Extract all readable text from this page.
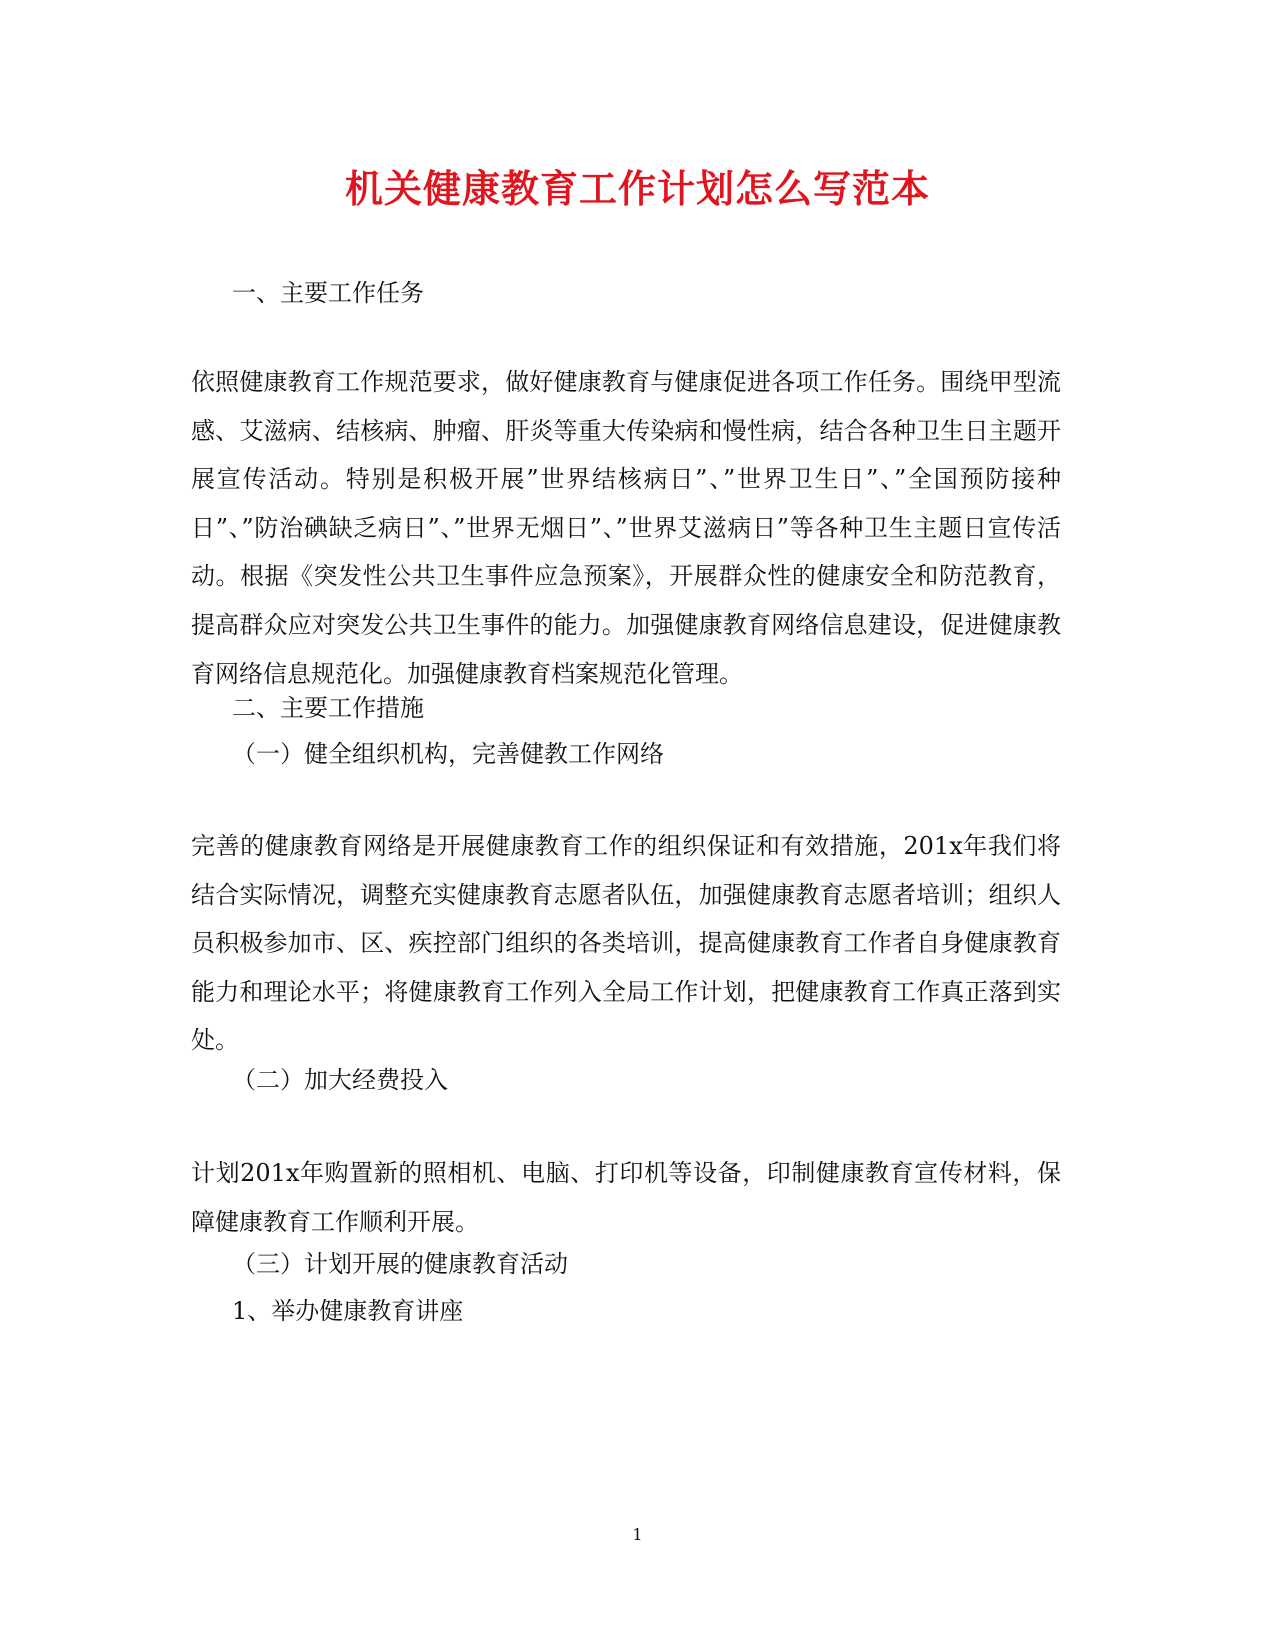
机关健康教育工作计划怎么写范本
一、主要工作任务

依照健康教育工作规范要求，做好健康教育与健康促进各项工作任务。围绕甲型流感、艾滋病、结核病、肿瘤、肝炎等重大传染病和慢性病，结合各种卫生日主题开展宣传活动。特别是积极开展”世界结核病日”、”世界卫生日”、”全国预防接种日”、”防治碘缺乏病日”、”世界无烟日”、”世界艾滋病日”等各种卫生主题日宣传活动。根据《突发性公共卫生事件应急预案》，开展群众性的健康安全和防范教育，提高群众应对突发公共卫生事件的能力。加强健康教育网络信息建设，促进健康教育网络信息规范化。加强健康教育档案规范化管理。

二、主要工作措施
（一）健全组织机构，完善健教工作网络

完善的健康教育网络是开展健康教育工作的组织保证和有效措施，201x年我们将结合实际情况，调整充实健康教育志愿者队伍，加强健康教育志愿者培训；组织人员积极参加市、区、疾控部门组织的各类培训，提高健康教育工作者自身健康教育能力和理论水平；将健康教育工作列入全局工作计划，把健康教育工作真正落到实处。

（二）加大经费投入

计划201x年购置新的照相机、电脑、打印机等设备，印制健康教育宣传材料，保障健康教育工作顺利开展。

（三）计划开展的健康教育活动
1、举办健康教育讲座
1
